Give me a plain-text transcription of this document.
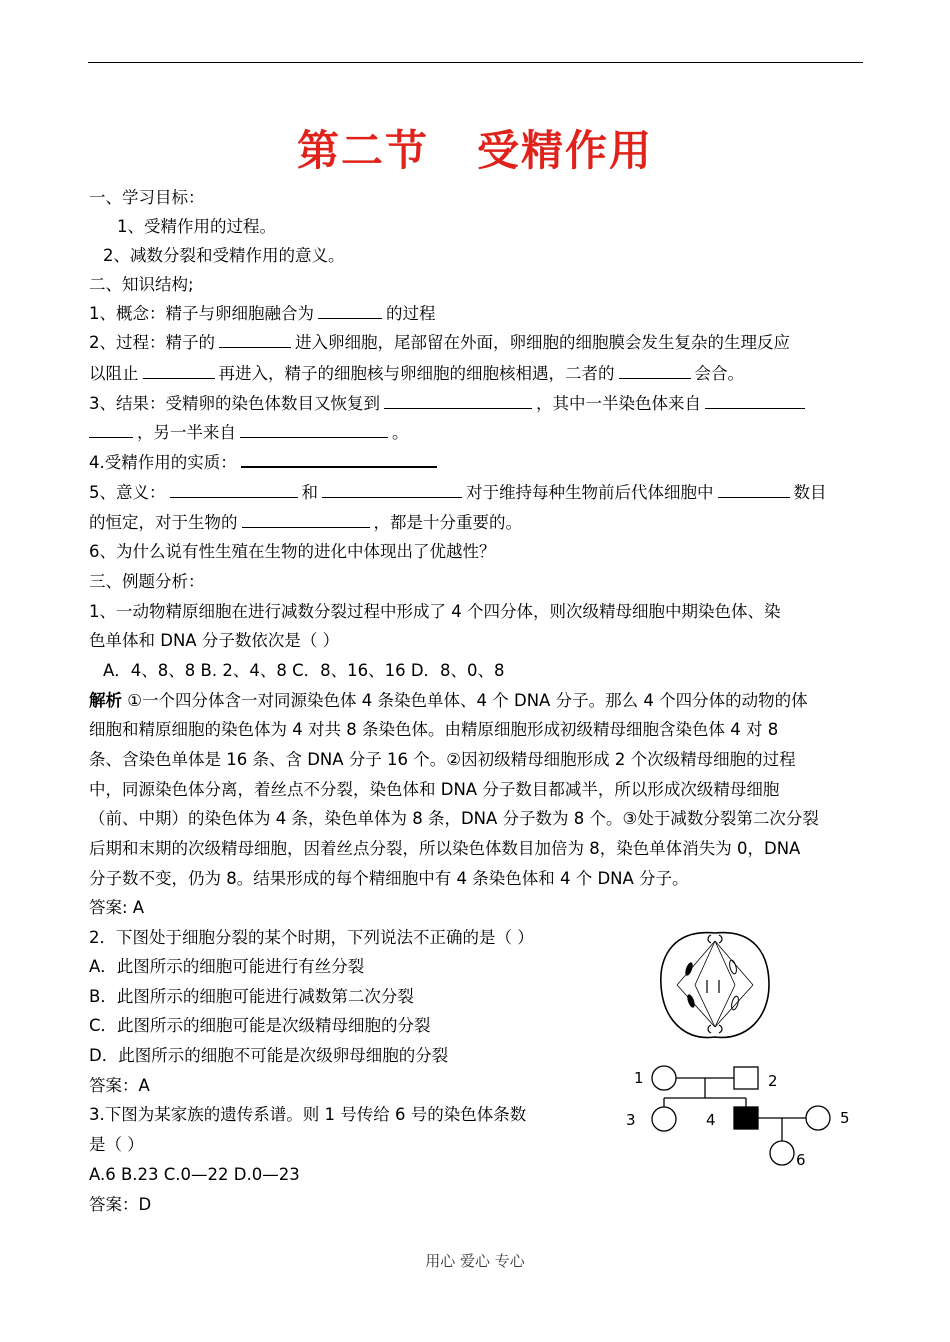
第二节 受精作用
一、学习目标：
1、受精作用的过程。
2、减数分裂和受精作用的意义。
二、知识结构;
1、概念：精子与卵细胞融合为	的过程
2、过程：精子的	进入卵细胞，尾部留在外面，卵细胞的细胞膜会发生复杂的生理反应
以阻止	再进入，精子的细胞核与卵细胞的细胞核相遇，二者的	会合。
3、结果：受精卵的染色体数目又恢复到	，其中一半染色体来自
，另一半来自	。
4.受精作用的实质：
5、意义：	和	对于维持每种生物前后代体细胞中	数目
的恒定，对于生物的	，都是十分重要的。
6、为什么说有性生殖在生物的进化中体现出了优越性？
三、例题分析：
1、一动物精原细胞在进行减数分裂过程中形成了 4 个四分体，则次级精母细胞中期染色体、染
色单体和 DNA 分子数依次是（ ）
A．4、8、8 B. 2、4、8 C．8、16、16 D．8、0、8
解析 ①一个四分体含一对同源染色体 4 条染色单体、4 个 DNA 分子。那么 4 个四分体的动物的体
细胞和精原细胞的染色体为 4 对共 8 条染色体。由精原细胞形成初级精母细胞含染色体 4 对 8
条、含染色单体是 16 条、含 DNA 分子 16 个。②因初级精母细胞形成 2 个次级精母细胞的过程
中，同源染色体分离，着丝点不分裂，染色体和 DNA 分子数目都减半，所以形成次级精母细胞
（前、中期）的染色体为 4 条，染色单体为 8 条，DNA 分子数为 8 个。③处于减数分裂第二次分裂
后期和末期的次级精母细胞，因着丝点分裂，所以染色体数目加倍为 8，染色单体消失为 0，DNA
分子数不变，仍为 8。结果形成的每个精细胞中有 4 条染色体和 4 个 DNA 分子。
答案: A
2．下图处于细胞分裂的某个时期，下列说法不正确的是（ ）
A．此图所示的细胞可能进行有丝分裂
B．此图所示的细胞可能进行减数第二次分裂
C．此图所示的细胞可能是次级精母细胞的分裂
D．此图所示的细胞不可能是次级卵母细胞的分裂
答案：A
3.下图为某家族的遗传系谱。则 1 号传给 6 号的染色体条数
是（ ）
A.6 B.23 C.0—22 D.0—23
答案：D
1	2
3	4	5
6
用心 爱心 专心
